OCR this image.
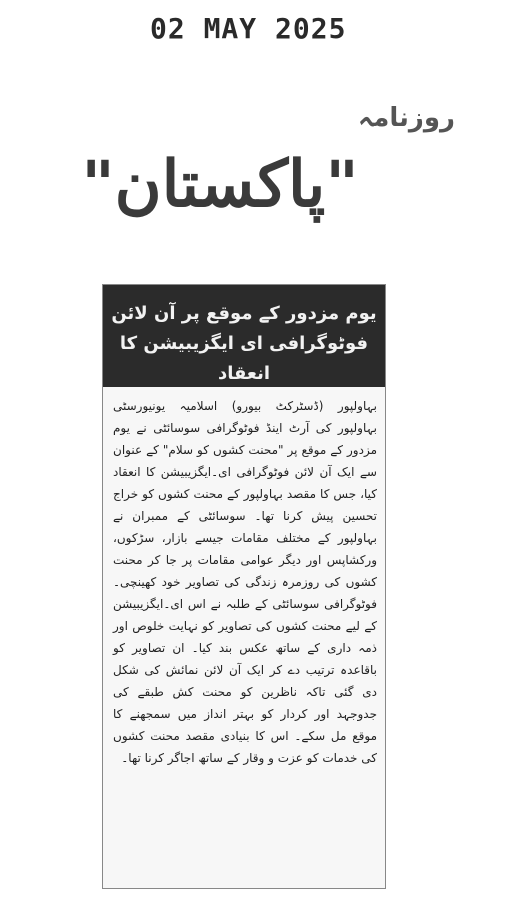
02 MAY 2025
روزنامہ
"پاکستان"
یوم مزدور کے موقع پر آن لائن
فوٹوگرافی ای ایگزیبیشن کا انعقاد
بہاولپور (ڈسٹرکٹ بیورو) اسلامیہ یونیورسٹی بہاولپور کی آرٹ اینڈ فوٹوگرافی سوسائٹی نے یوم مزدور کے موقع پر "محنت کشوں کو سلام" کے عنوان سے ایک آن لائن فوٹوگرافی ای۔ایگزیبیشن کا انعقاد کیا، جس کا مقصد بہاولپور کے محنت کشوں کو خراج تحسین پیش کرنا تھا۔ سوسائٹی کے ممبران نے بہاولپور کے مختلف مقامات جیسے بازار، سڑکوں، ورکشاپس اور دیگر عوامی مقامات پر جا کر محنت کشوں کی روزمرہ زندگی کی تصاویر خود کھینچی۔ فوٹوگرافی سوسائٹی کے طلبہ نے اس ای۔ایگزیبیشن کے لیے محنت کشوں کی تصاویر کو نہایت خلوص اور ذمہ داری کے ساتھ عکس بند کیا۔ ان تصاویر کو باقاعدہ ترتیب دے کر ایک آن لائن نمائش کی شکل دی گئی تاکہ ناظرین کو محنت کش طبقے کی جدوجہد اور کردار کو بہتر انداز میں سمجھنے کا موقع مل سکے۔ اس کا بنیادی مقصد محنت کشوں کی خدمات کو عزت و وقار کے ساتھ اجاگر کرنا تھا۔
